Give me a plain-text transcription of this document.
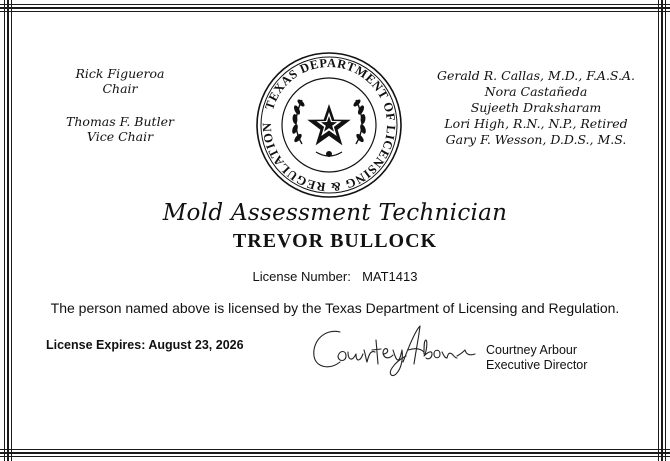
Rick Figueroa
Chair
Thomas F. Butler
Vice Chair
TEXAS DEPARTMENT OF LICENSING & REGULATION
Gerald R. Callas, M.D., F.A.S.A.
Nora Castañeda
Sujeeth Draksharam
Lori High, R.N., N.P., Retired
Gary F. Wesson, D.D.S., M.S.
Mold Assessment Technician
TREVOR BULLOCK
License Number: MAT1413
The person named above is licensed by the Texas Department of Licensing and Regulation.
License Expires: August 23, 2026	Courtney Arbour
Executive Director
